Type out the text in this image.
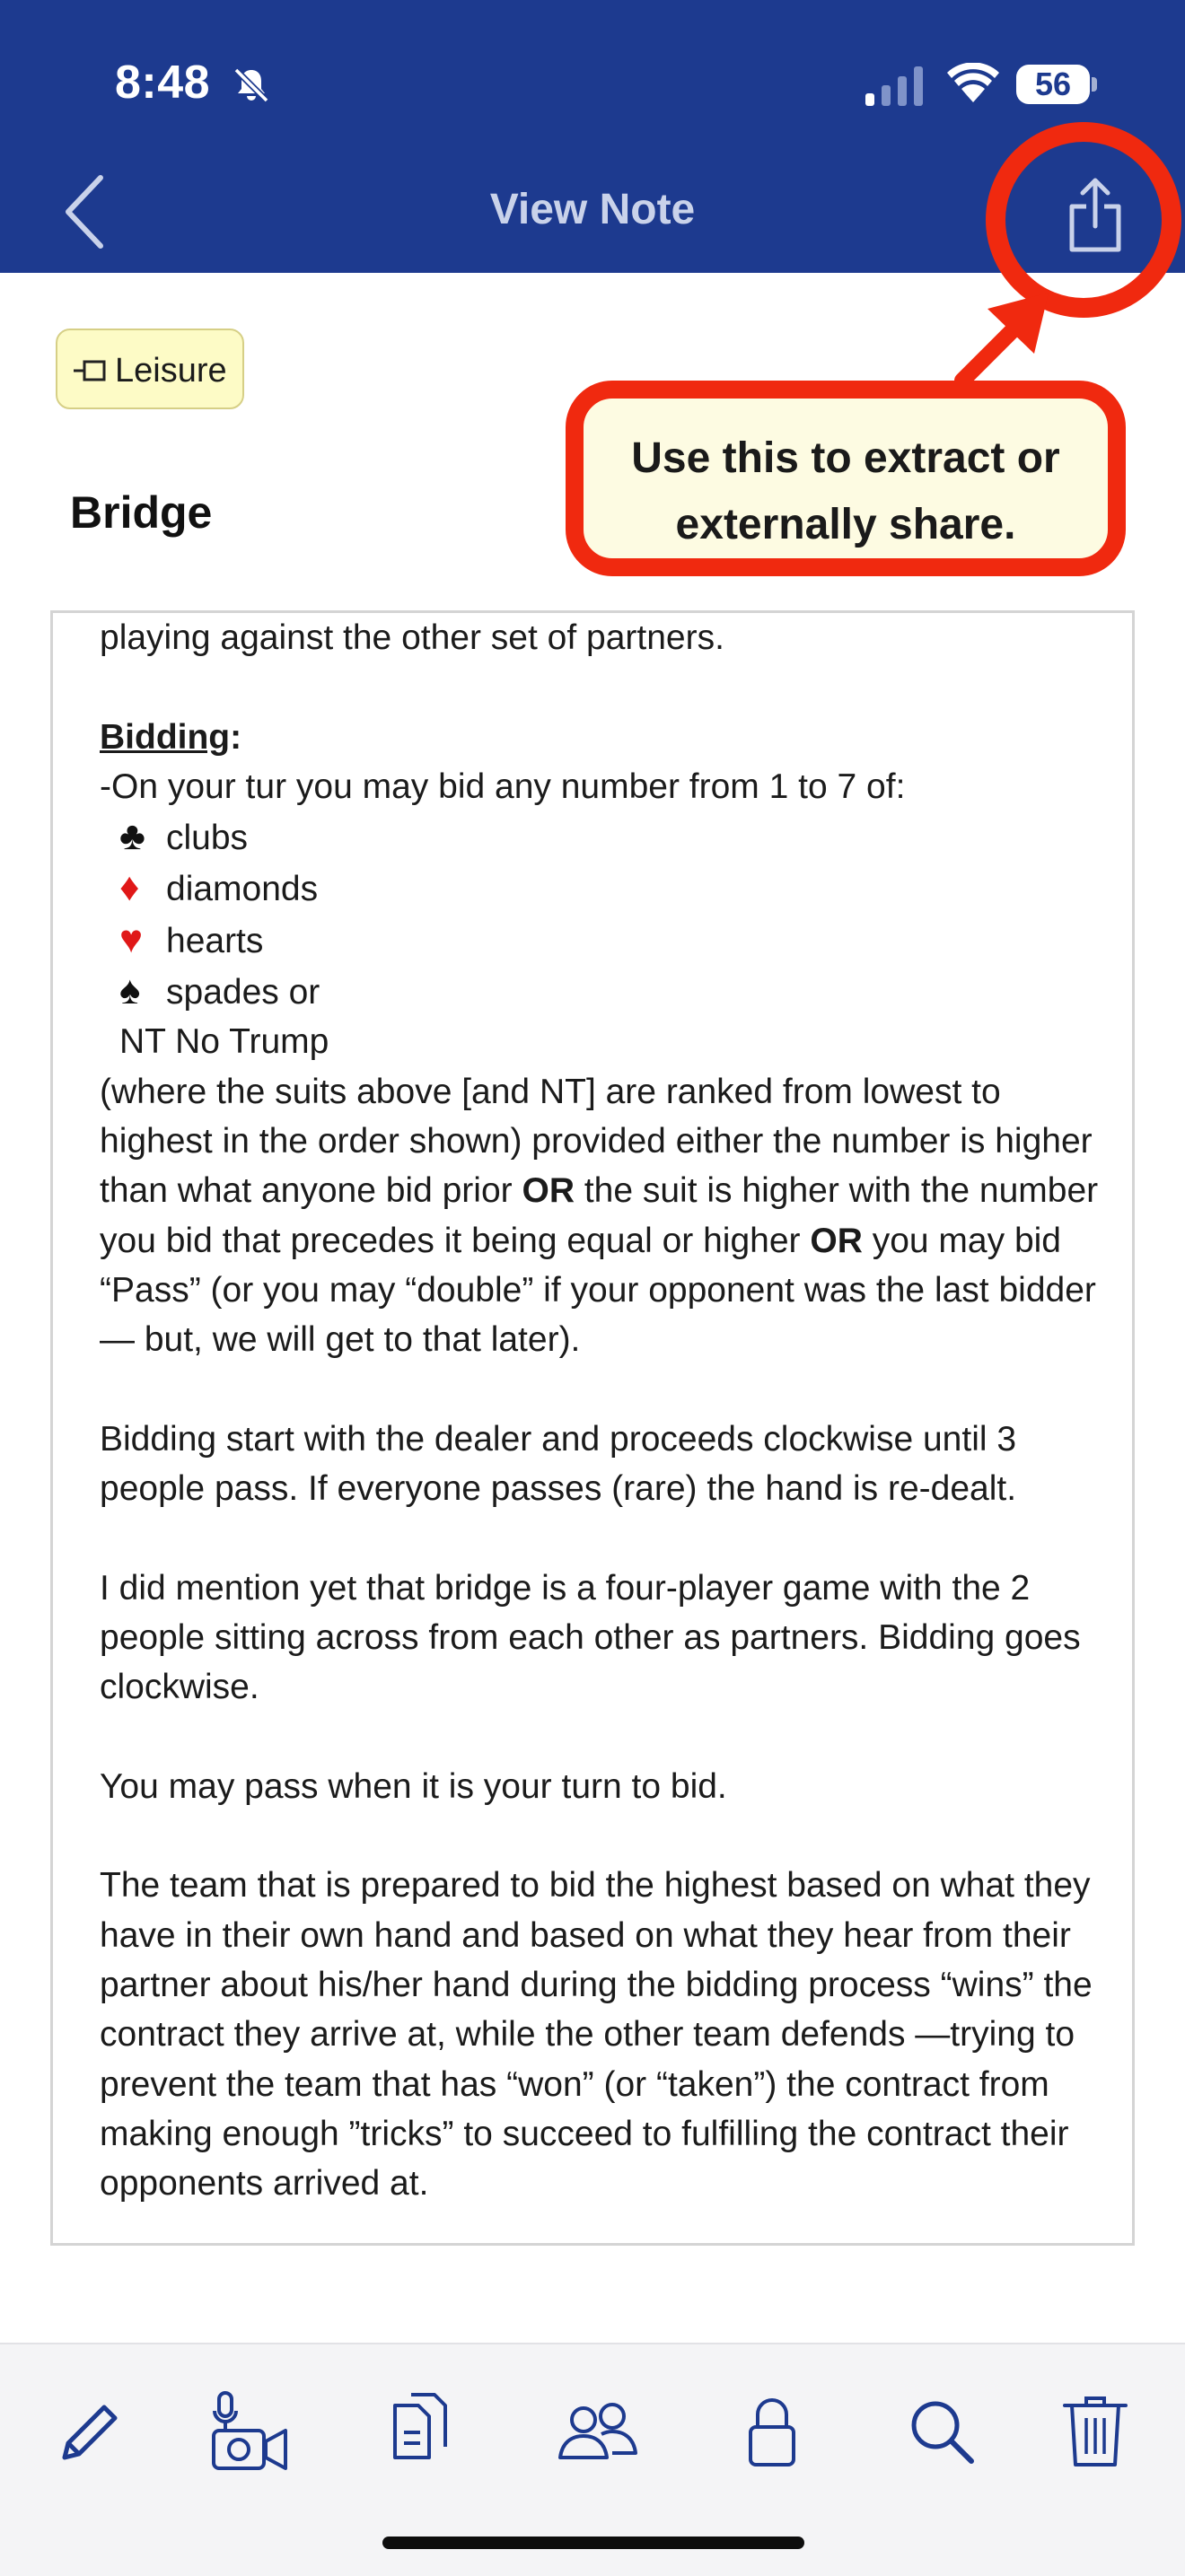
8:48	56
View Note
Leisure
Bridge

playing against the other set of partners.

Bidding:

-On your tur you may bid any number from 1 to 7 of:

♣ clubs
♦ diamonds
♥ hearts
♠ spades or
NT No Trump

(where the suits above [and NT] are ranked from lowest to highest in the order shown) provided either the number is higher than what anyone bid prior OR the suit is higher with the number you bid that precedes it being equal or higher OR you may bid “Pass” (or you may “double” if your opponent was the last bidder — but, we will get to that later).

Bidding start with the dealer and proceeds clockwise until 3 people pass. If everyone passes (rare) the hand is re-dealt.

I did mention yet that bridge is a four-player game with the 2 people sitting across from each other as partners. Bidding goes clockwise.

You may pass when it is your turn to bid.

The team that is prepared to bid the highest based on what they have in their own hand and based on what they hear from their partner about his/her hand during the bidding process “wins” the contract they arrive at, while the other team defends —trying to prevent the team that has “won” (or “taken”) the contract from making enough ”tricks” to succeed to fulfilling the contract their opponents arrived at.

Use this to extract or externally share.
